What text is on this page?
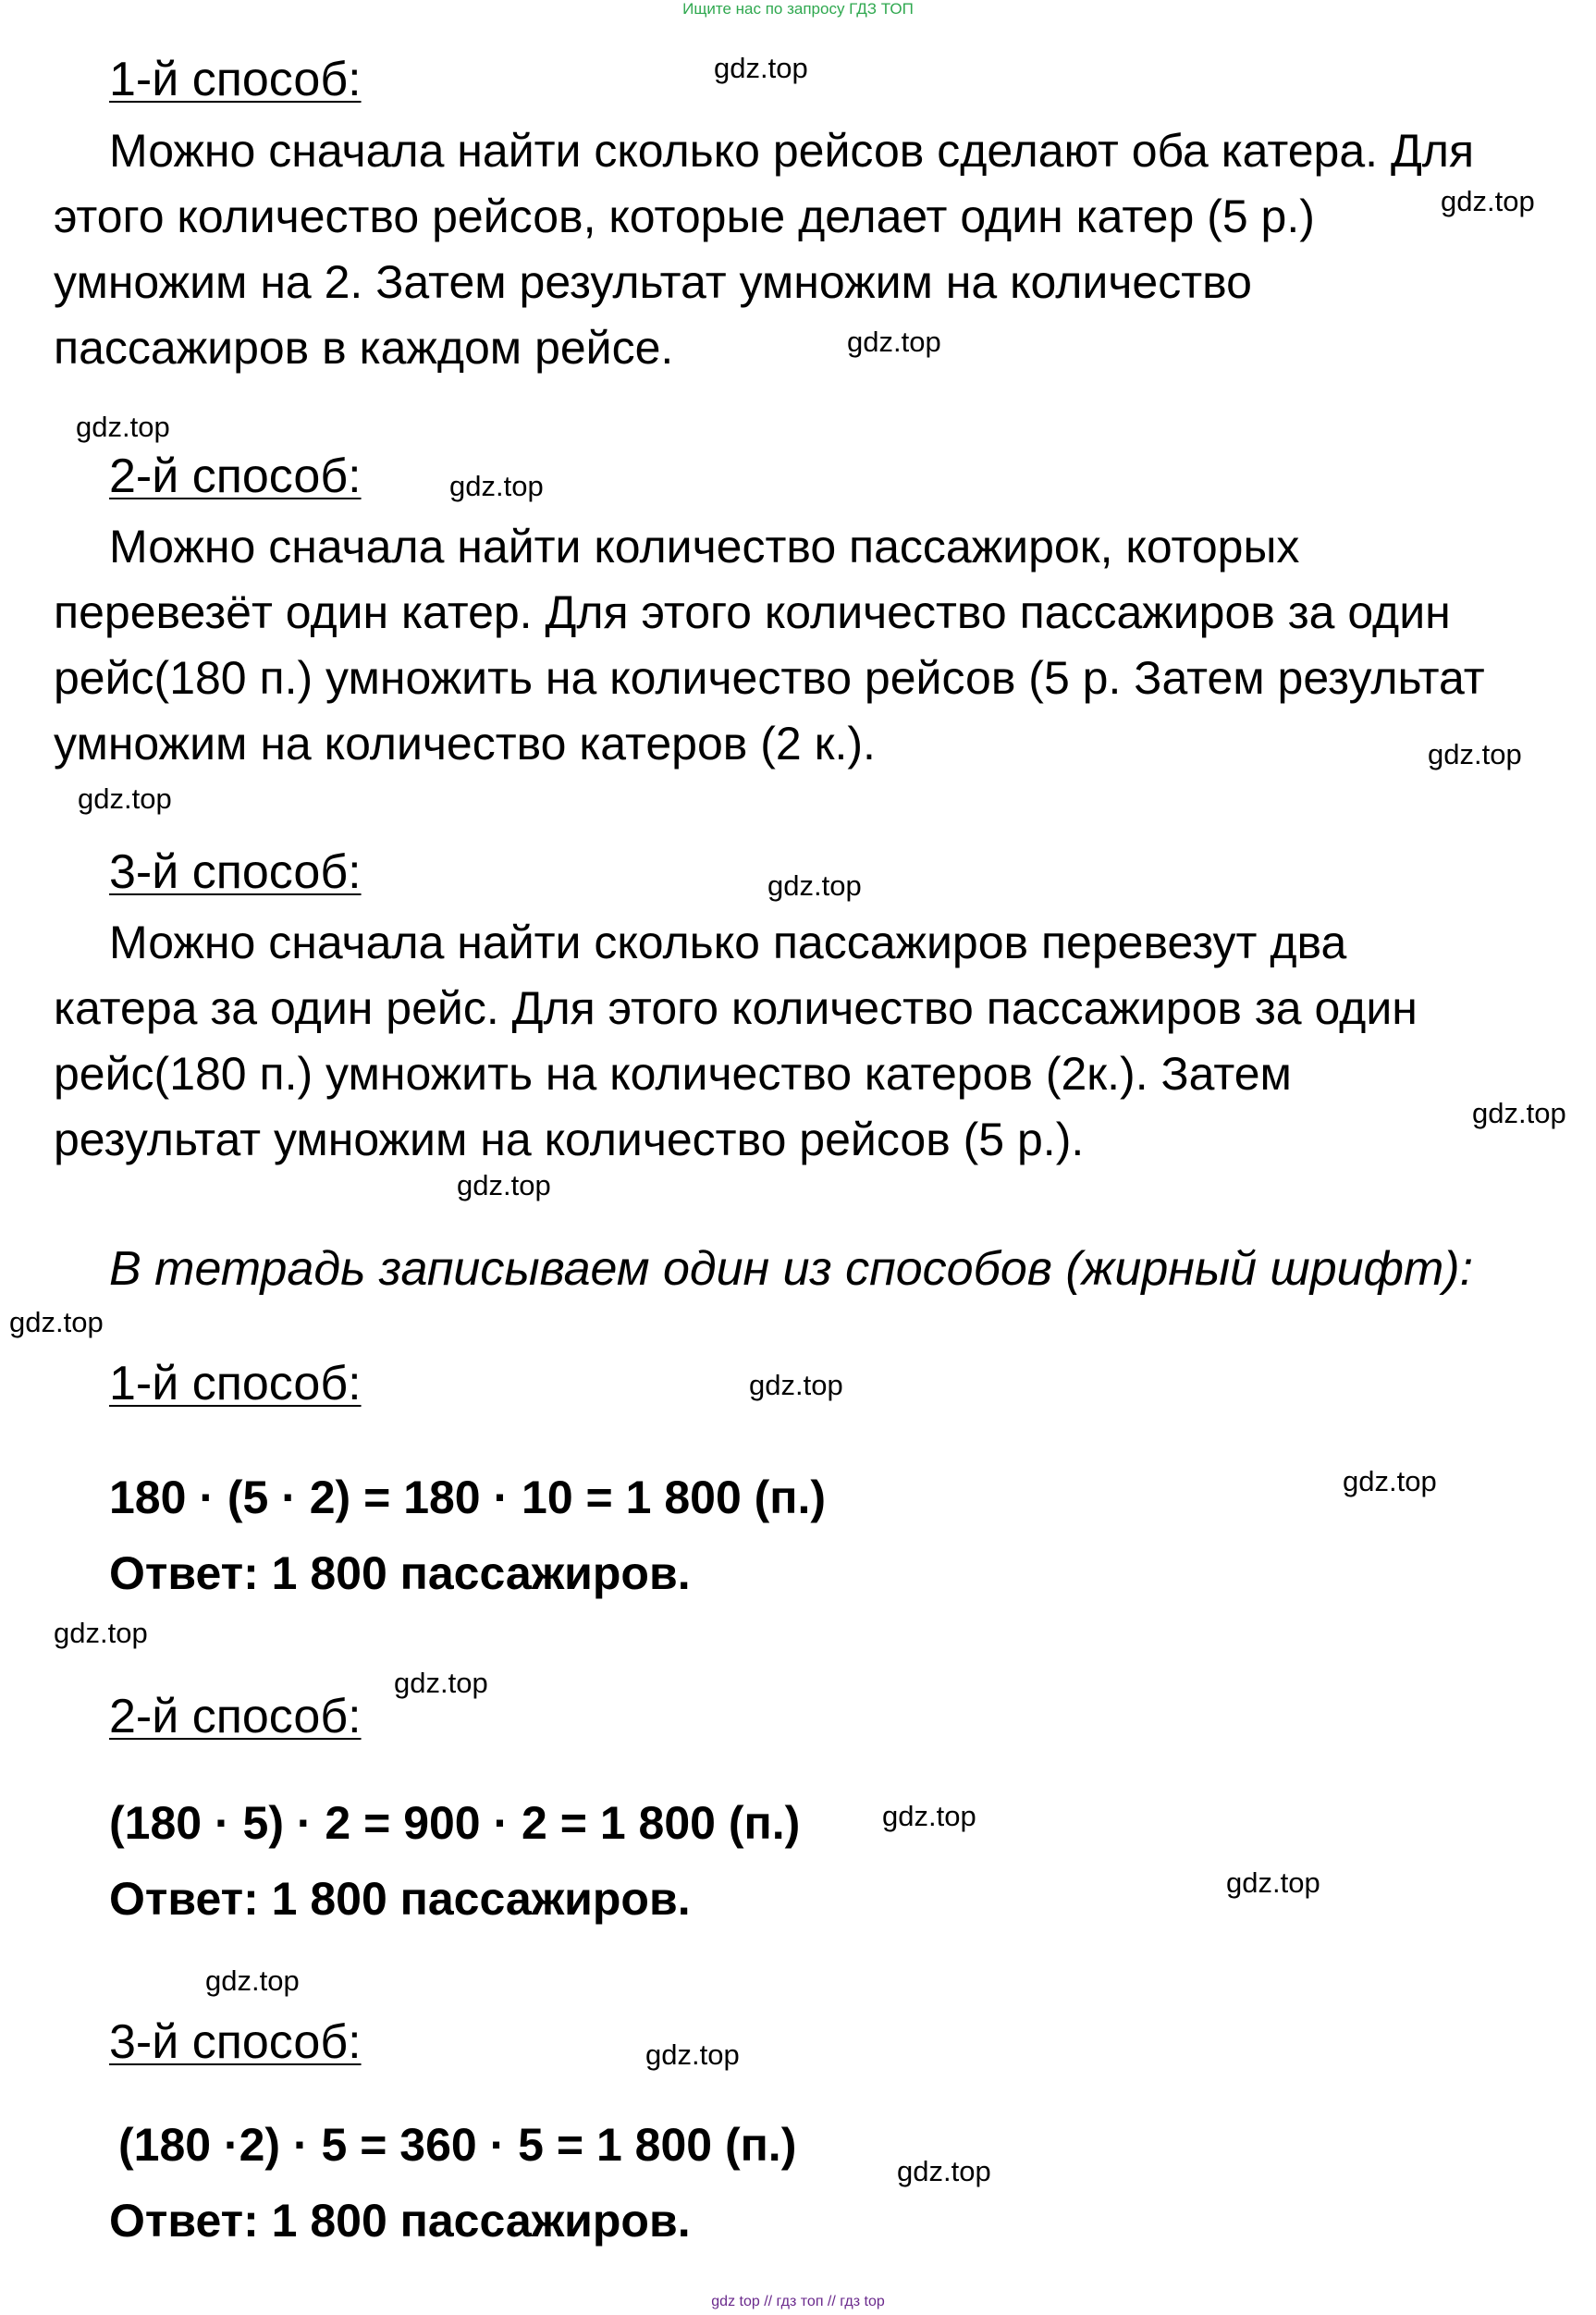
Ищите нас по запросу ГДЗ ТОП
1-й способ:	gdz.top
Можно сначала найти сколько рейсов сделают оба катера. Для
этого количество рейсов, которые делает один катер (5 р.)
умножим на 2. Затем результат умножим на количество
пассажиров в каждом рейсе.
gdz.top
gdz.top
gdz.top
2-й способ:	gdz.top
Можно сначала найти количество пассажирок, которых
перевезёт один катер. Для этого количество пассажиров за один
рейс(180 п.) умножить на количество рейсов (5 р. Затем результат
умножим на количество катеров (2 к.).	gdz.top
gdz.top
3-й способ:	gdz.top
Можно сначала найти сколько пассажиров перевезут два
катера за один рейс. Для этого количество пассажиров за один
рейс(180 п.) умножить на количество катеров (2к.). Затем
результат умножим на количество рейсов (5 р.).
gdz.top
gdz.top
В тетрадь записываем один из способов (жирный шрифт):
gdz.top
1-й способ:	gdz.top
180 · (5 · 2) = 180 · 10 = 1 800 (п.)	gdz.top
Ответ: 1 800 пассажиров.
gdz.top
gdz.top
2-й способ:
(180 · 5) · 2 = 900 · 2 = 1 800 (п.)	gdz.top
Ответ: 1 800 пассажиров.	gdz.top
gdz.top
3-й способ:	gdz.top
(180 ·2) · 5 = 360 · 5 = 1 800 (п.)
gdz.top
Ответ: 1 800 пассажиров.
gdz top // гдз топ // гдз top
